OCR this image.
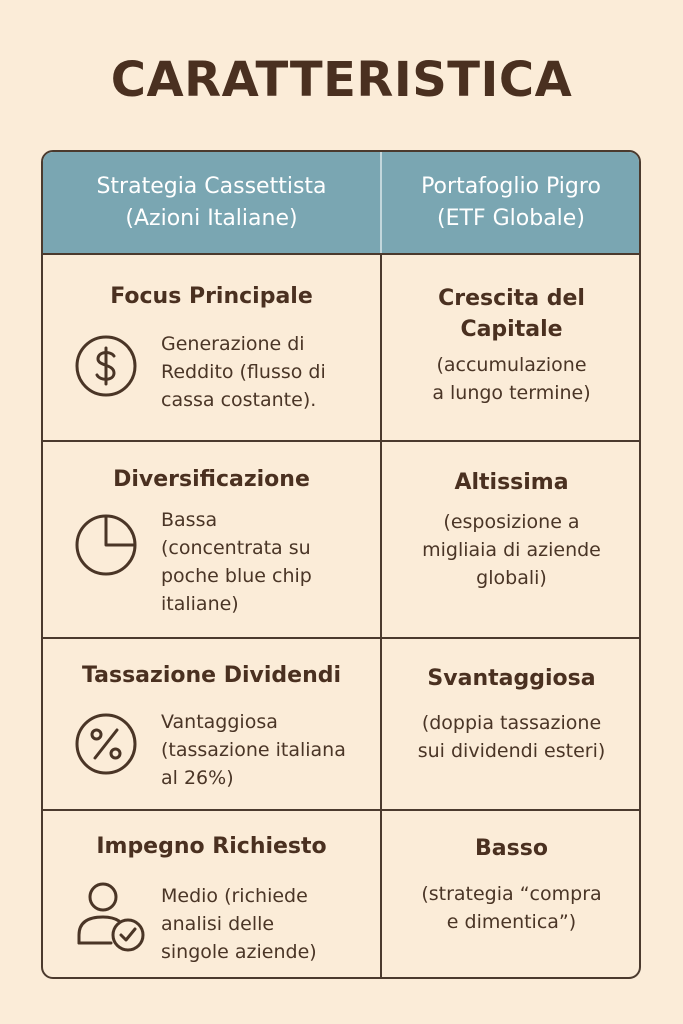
CARATTERISTICA
Strategia Cassettista
(Azioni Italiane)
Portafoglio Pigro
(ETF Globale)
Focus Principale
Generazione di
Reddito (flusso di
cassa costante).
Crescita del
Capitale
(accumulazione
a lungo termine)
Diversificazione
Bassa
(concentrata su
poche blue chip
italiane)
Altissima
(esposizione a
migliaia di aziende
globali)
Tassazione Dividendi
Vantaggiosa
(tassazione italiana
al 26%)
Svantaggiosa
(doppia tassazione
sui dividendi esteri)
Impegno Richiesto
Medio (richiede
analisi delle
singole aziende)
Basso
(strategia “compra
e dimentica”)
